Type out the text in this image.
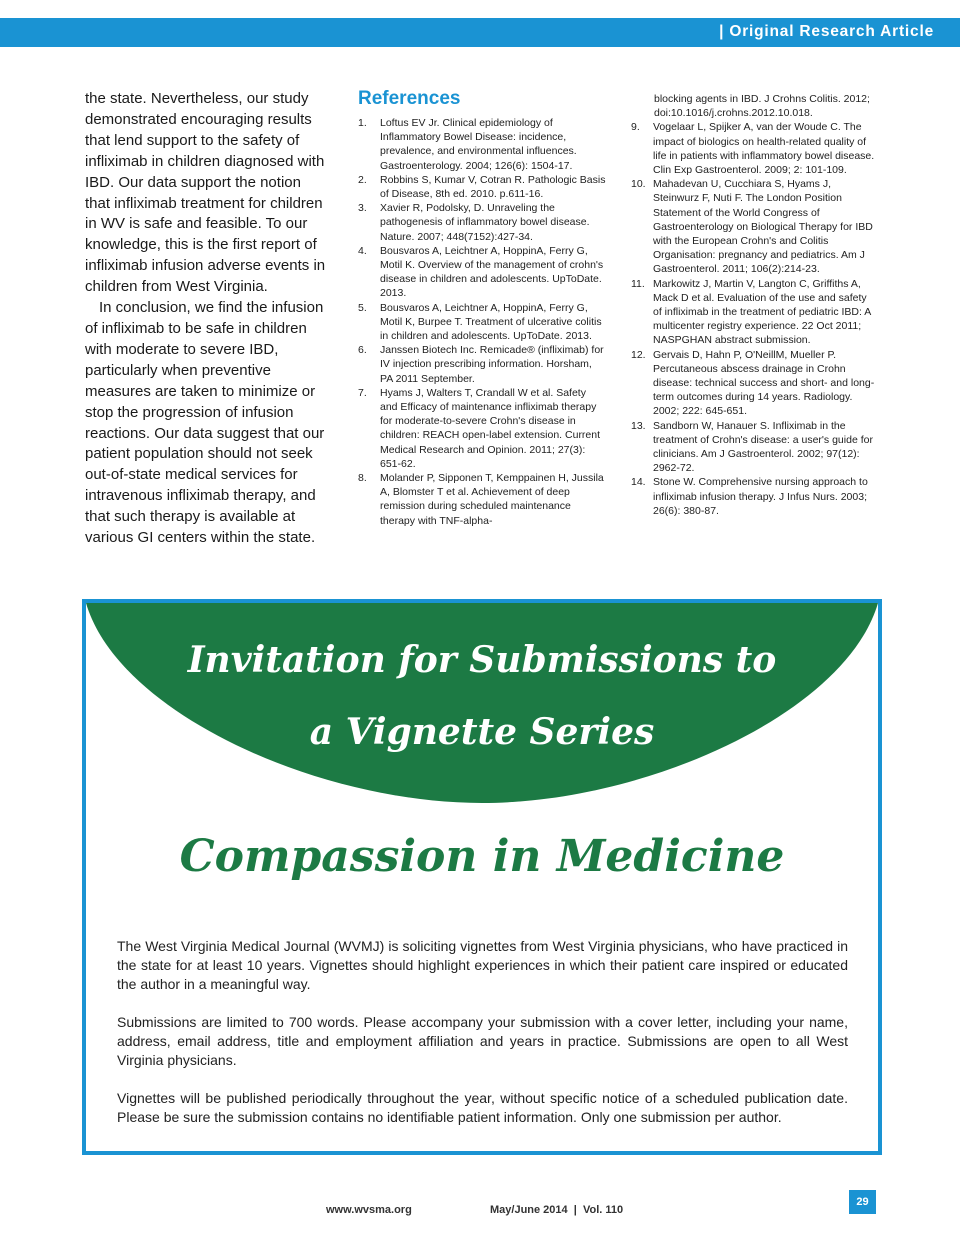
| Original Research Article

the state. Nevertheless, our study demonstrated encouraging results that lend support to the safety of infliximab in children diagnosed with IBD. Our data support the notion that infliximab treatment for children in WV is safe and feasible. To our knowledge, this is the first report of infliximab infusion adverse events in children from West Virginia.

In conclusion, we find the infusion of infliximab to be safe in children with moderate to severe IBD, particularly when preventive measures are taken to minimize or stop the progression of infusion reactions. Our data suggest that our patient population should not seek out-of-state medical services for intravenous infliximab therapy, and that such therapy is available at various GI centers within the state.

References
1.	Loftus EV Jr. Clinical epidemiology of Inflammatory Bowel Disease: incidence, prevalence, and environmental influences. Gastroenterology. 2004; 126(6): 1504-17.
2.	Robbins S, Kumar V, Cotran R. Pathologic Basis of Disease, 8th ed. 2010. p.611-16.
3.	Xavier R, Podolsky, D. Unraveling the pathogenesis of inflammatory bowel disease. Nature. 2007; 448(7152):427-34.
4.	Bousvaros A, Leichtner A, HoppinA, Ferry G, Motil K. Overview of the management of crohn's disease in children and adolescents. UpToDate. 2013.
5.	Bousvaros A, Leichtner A, HoppinA, Ferry G, Motil K, Burpee T. Treatment of ulcerative colitis in children and adolescents. UpToDate. 2013.
6.	Janssen Biotech Inc. Remicade® (infliximab) for IV injection prescribing information. Horsham, PA 2011 September.
7.	Hyams J, Walters T, Crandall W et al. Safety and Efficacy of maintenance infliximab therapy for moderate-to-severe Crohn's disease in children: REACH open-label extension. Current Medical Research and Opinion. 2011; 27(3): 651-62.
8.	Molander P, Sipponen T, Kemppainen H, Jussila A, Blomster T et al. Achievement of deep remission during scheduled maintenance therapy with TNF-alpha-
blocking agents in IBD. J Crohns Colitis. 2012; doi:10.1016/j.crohns.2012.10.018.
9.	Vogelaar L, Spijker A, van der Woude C. The impact of biologics on health-related quality of life in patients with inflammatory bowel disease. Clin Exp Gastroenterol. 2009; 2: 101-109.
10. Mahadevan U, Cucchiara S, Hyams J, Steinwurz F, Nuti F. The London Position Statement of the World Congress of Gastroenterology on Biological Therapy for IBD with the European Crohn's and Colitis Organisation: pregnancy and pediatrics. Am J Gastroenterol. 2011; 106(2):214-23.
11. Markowitz J, Martin V, Langton C, Griffiths A, Mack D et al. Evaluation of the use and safety of infliximab in the treatment of pediatric IBD: A multicenter registry experience. 22 Oct 2011; NASPGHAN abstract submission.
12. Gervais D, Hahn P, O'NeillM, Mueller P. Percutaneous abscess drainage in Crohn disease: technical success and short- and long-term outcomes during 14 years. Radiology. 2002; 222: 645-651.
13. Sandborn W, Hanauer S. Infliximab in the treatment of Crohn's disease: a user's guide for clinicians. Am J Gastroenterol. 2002; 97(12): 2962-72.
14. Stone W. Comprehensive nursing approach to infliximab infusion therapy. J Infus Nurs. 2003; 26(6): 380-87.
Invitation for Submissions to
a Vignette Series
Compassion in Medicine
The West Virginia Medical Journal (WVMJ) is soliciting vignettes from West Virginia physicians, who have practiced in the state for at least 10 years. Vignettes should highlight experiences in which their patient care inspired or educated the author in a meaningful way.
Submissions are limited to 700 words. Please accompany your submission with a cover letter, including your name, address, email address, title and employment affiliation and years in practice. Submissions are open to all West Virginia physicians.
Vignettes will be published periodically throughout the year, without specific notice of a scheduled publication date. Please be sure the submission contains no identifiable patient information. Only one submission per author.
www.wvsma.org	May/June 2014  |  Vol. 110
29
